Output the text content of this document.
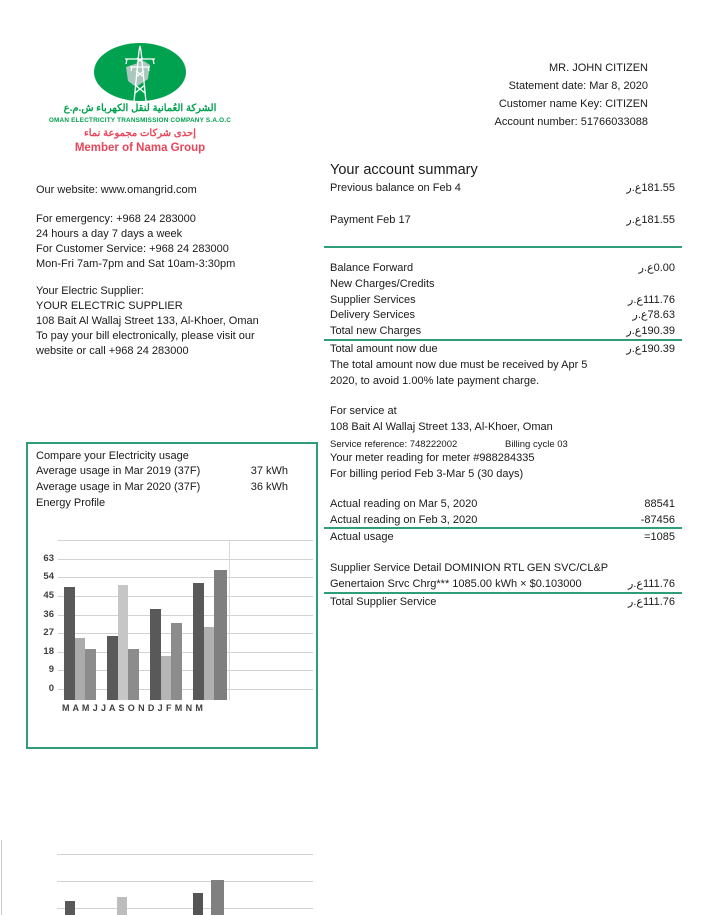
الشركة العُمانية لنقل الكهرباء ش.م.ع
OMAN ELECTRICITY TRANSMISSION COMPANY S.A.O.C
إحدى شركات مجموعة نماء
Member of Nama Group
MR. JOHN CITIZEN
Statement date: Mar 8, 2020
Customer name Key: CITIZEN
Account number: 51766033088
Our website: www.omangrid.com
For emergency: +968 24 283000
24 hours a day 7 days a week
For Customer Service: +968 24 283000
Mon-Fri 7am-7pm and Sat 10am-3:30pm
Your Electric Supplier:
YOUR ELECTRIC SUPPLIER
108 Bait Al Wallaj Street 133, Al-Khoer, Oman
To pay your bill electronically, please visit our
website or call +968 24 283000
Your account summary
Previous balance on Feb 4	ر.ع181.55
Payment Feb 17	ر.ع181.55
Balance Forward	ر.ع0.00
New Charges/Credits
Supplier Services	ر.ع111.76
Delivery Services	ر.ع78.63
Total new Charges	ر.ع190.39
Total amount now due	ر.ع190.39
The total amount now due must be received by Apr 5
2020, to avoid 1.00% late payment charge.
For service at
108 Bait Al Wallaj Street 133, Al-Khoer, Oman
Service reference: 748222002	Billing cycle 03
Your meter reading for meter #988284335
For billing period Feb 3-Mar 5 (30 days)
Actual reading on Mar 5, 2020	88541
Actual reading on Feb 3, 2020	-87456
Actual usage	=1085
Supplier Service Detail DOMINION RTL GEN SVC/CL&P
Genertaion Srvc Chrg*** 1085.00 kWh × $0.103000	ر.ع111.76
Total Supplier Service	ر.ع111.76
Compare your Electricity usage
Average usage in Mar 2019 (37F)	37 kWh
Average usage in Mar 2020 (37F)	36 kWh
Energy Profile
0
9
18
27
36
45
54
63
M A M J J A S O N D J F M N M
